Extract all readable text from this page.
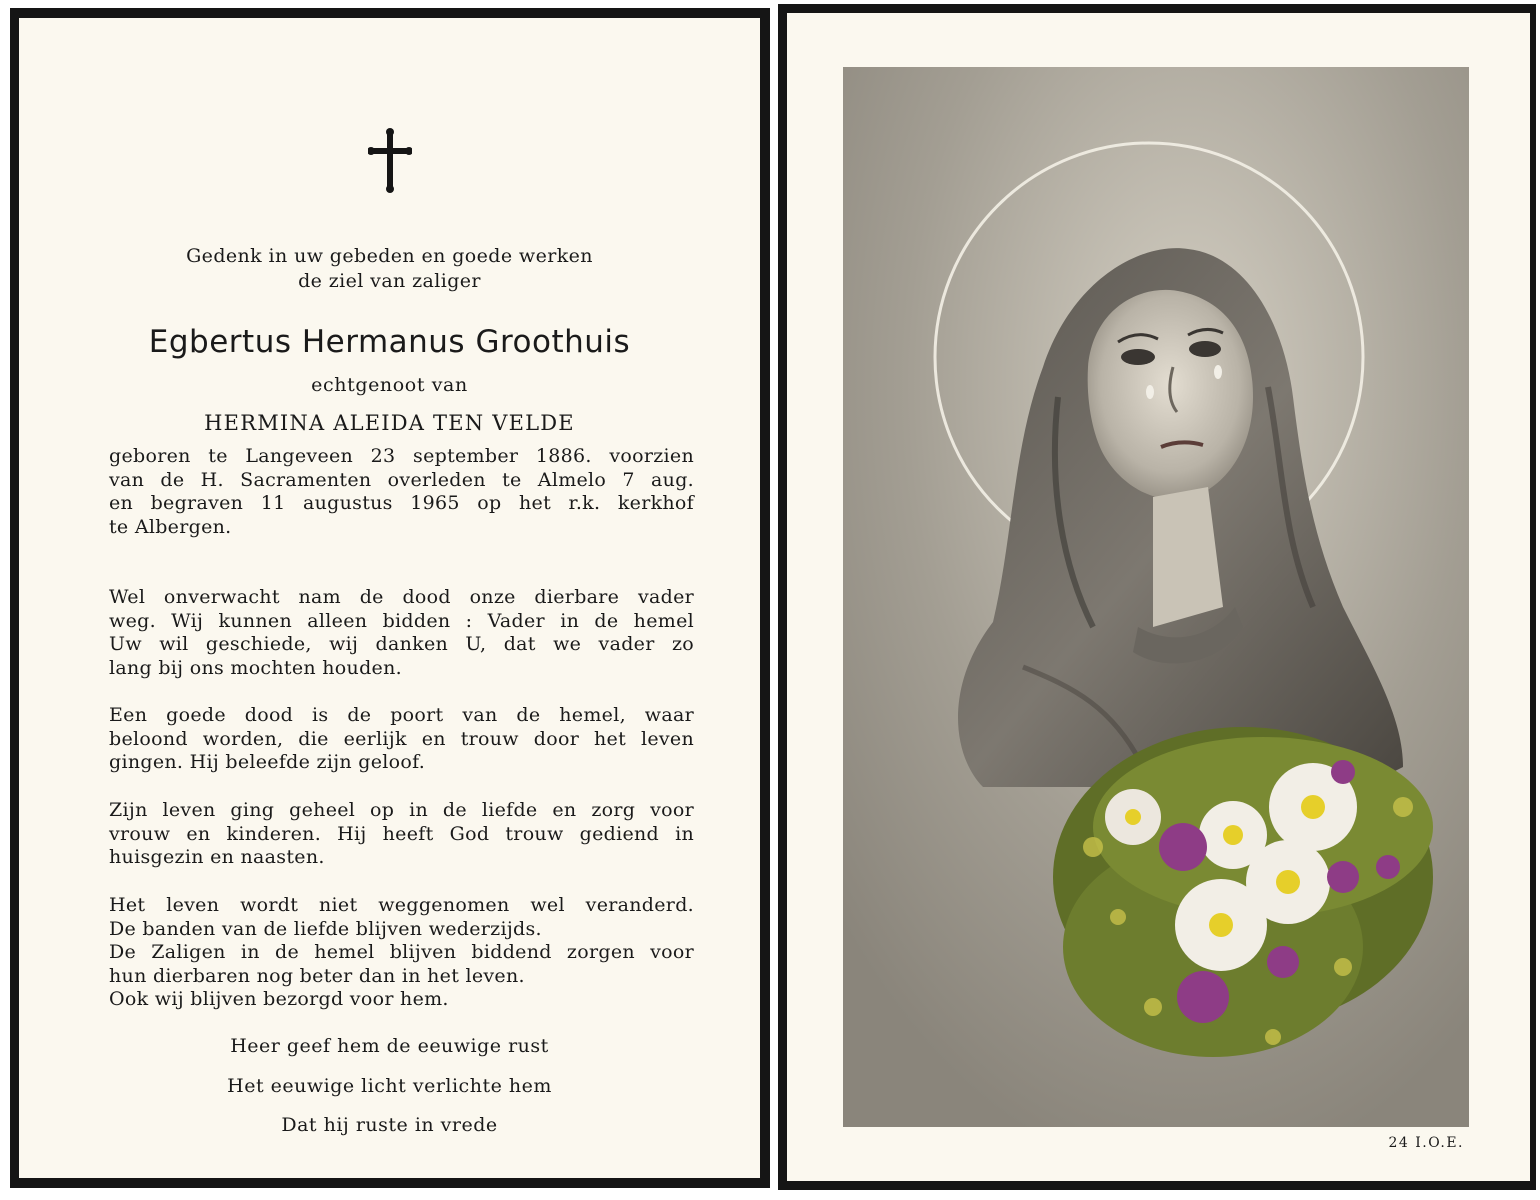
Gedenk in uw gebeden en goede werken
de ziel van zaliger
Egbertus Hermanus Groothuis
echtgenoot van
HERMINA ALEIDA TEN VELDE
geboren te Langeveen 23 september 1886. voorzien
van de H. Sacramenten overleden te Almelo 7 aug.
en begraven 11 augustus 1965 op het r.k. kerkhof
te Albergen.
Wel onverwacht nam de dood onze dierbare vader
weg. Wij kunnen alleen bidden : Vader in de hemel
Uw wil geschiede, wij danken U, dat we vader zo
lang bij ons mochten houden.
Een goede dood is de poort van de hemel, waar
beloond worden, die eerlijk en trouw door het leven
gingen. Hij beleefde zijn geloof.
Zijn leven ging geheel op in de liefde en zorg voor
vrouw en kinderen. Hij heeft God trouw gediend in
huisgezin en naasten.
Het leven wordt niet weggenomen wel veranderd.
De banden van de liefde blijven wederzijds.
De Zaligen in de hemel blijven biddend zorgen voor
hun dierbaren nog beter dan in het leven.
Ook wij blijven bezorgd voor hem.
Heer geef hem de eeuwige rust
Het eeuwige licht verlichte hem
Dat hij ruste in vrede
24 I.O.E.
